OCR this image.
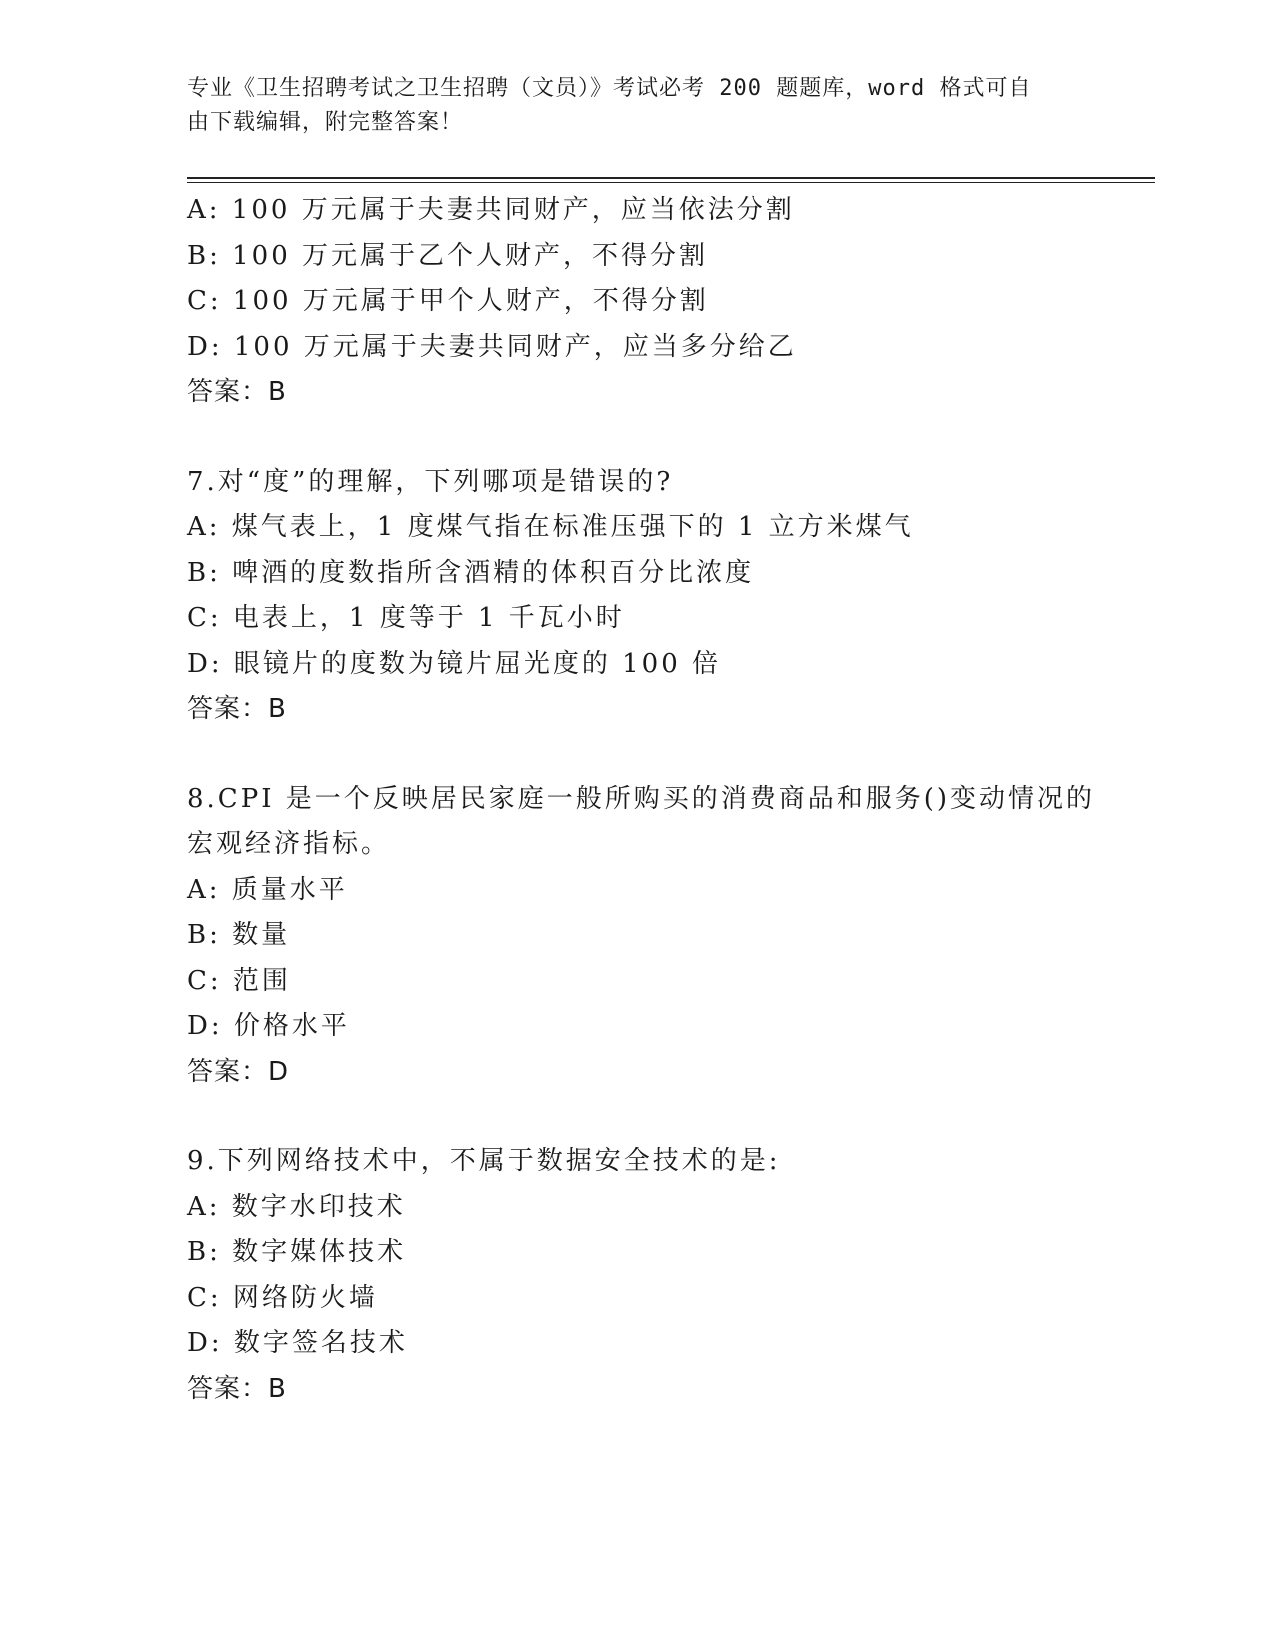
专业《卫生招聘考试之卫生招聘（文员）》考试必考 200 题题库，word 格式可自
由下载编辑，附完整答案！
A: 100 万元属于夫妻共同财产，应当依法分割
B: 100 万元属于乙个人财产，不得分割
C: 100 万元属于甲个人财产，不得分割
D: 100 万元属于夫妻共同财产，应当多分给乙
答案：B
7.对“度”的理解，下列哪项是错误的?
A: 煤气表上，1 度煤气指在标准压强下的 1 立方米煤气
B: 啤酒的度数指所含酒精的体积百分比浓度
C: 电表上，1 度等于 1 千瓦小时
D: 眼镜片的度数为镜片屈光度的 100 倍
答案：B
8.CPI 是一个反映居民家庭一般所购买的消费商品和服务()变动情况的
宏观经济指标。
A: 质量水平
B: 数量
C: 范围
D: 价格水平
答案：D
9.下列网络技术中，不属于数据安全技术的是:
A: 数字水印技术
B: 数字媒体技术
C: 网络防火墙
D: 数字签名技术
答案：B
